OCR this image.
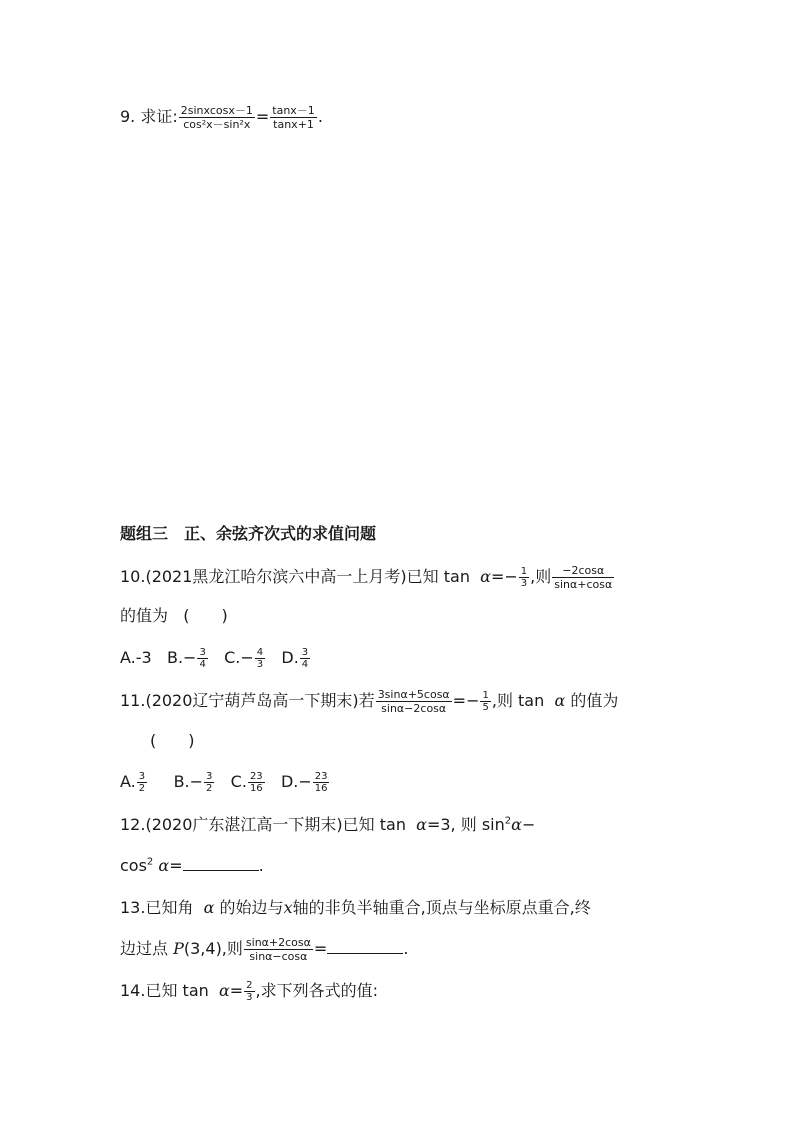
9. 求证: $\frac{\text{2sinxcosx－1}}{\text{cos²x－sin²x}} = \frac{\tan x-1}{\tan x+1}$ .
题组三　正、余弦齐次式的求值问题
10.(2021黑龙江哈尔滨六中高一上月考)已知 $\tan \alpha=- \frac{1}{3}$ ,则 $\frac{-2\cos\alpha}{\sin\alpha+\cos\alpha}$
的值为 (　　)
A.-3 $B.- \frac{3}{4} C.- \frac{4}{3} D$. $\frac{3}{4}$
11.(2020辽宁葫芦岛高一下期末)若 $\frac{3\sin\alpha+5\cos\alpha}{\sin\alpha-2\cos\alpha} =- \frac{1}{5}$ ,则 tan α 的值为
(　　)
A. $\frac{3}{2} B.- \frac{3}{2} C$. $\frac{23}{16} D.- \frac{23}{16}$
12.(2020广东湛江高一下期末)已知 tan α=3, 则 $\sin^2\alpha-$
$\cos^2 \alpha=$	.
13.已知角 α 的始边与x轴的非负半轴重合,顶点与坐标原点重合,终
边过点 P(3,4),则 $\frac{\sin\alpha+2\cos\alpha}{\sin\alpha-\cos\alpha}$ =	.
14.已知 $\tan \alpha= \frac{2}{3}$ ,求下列各式的值:
